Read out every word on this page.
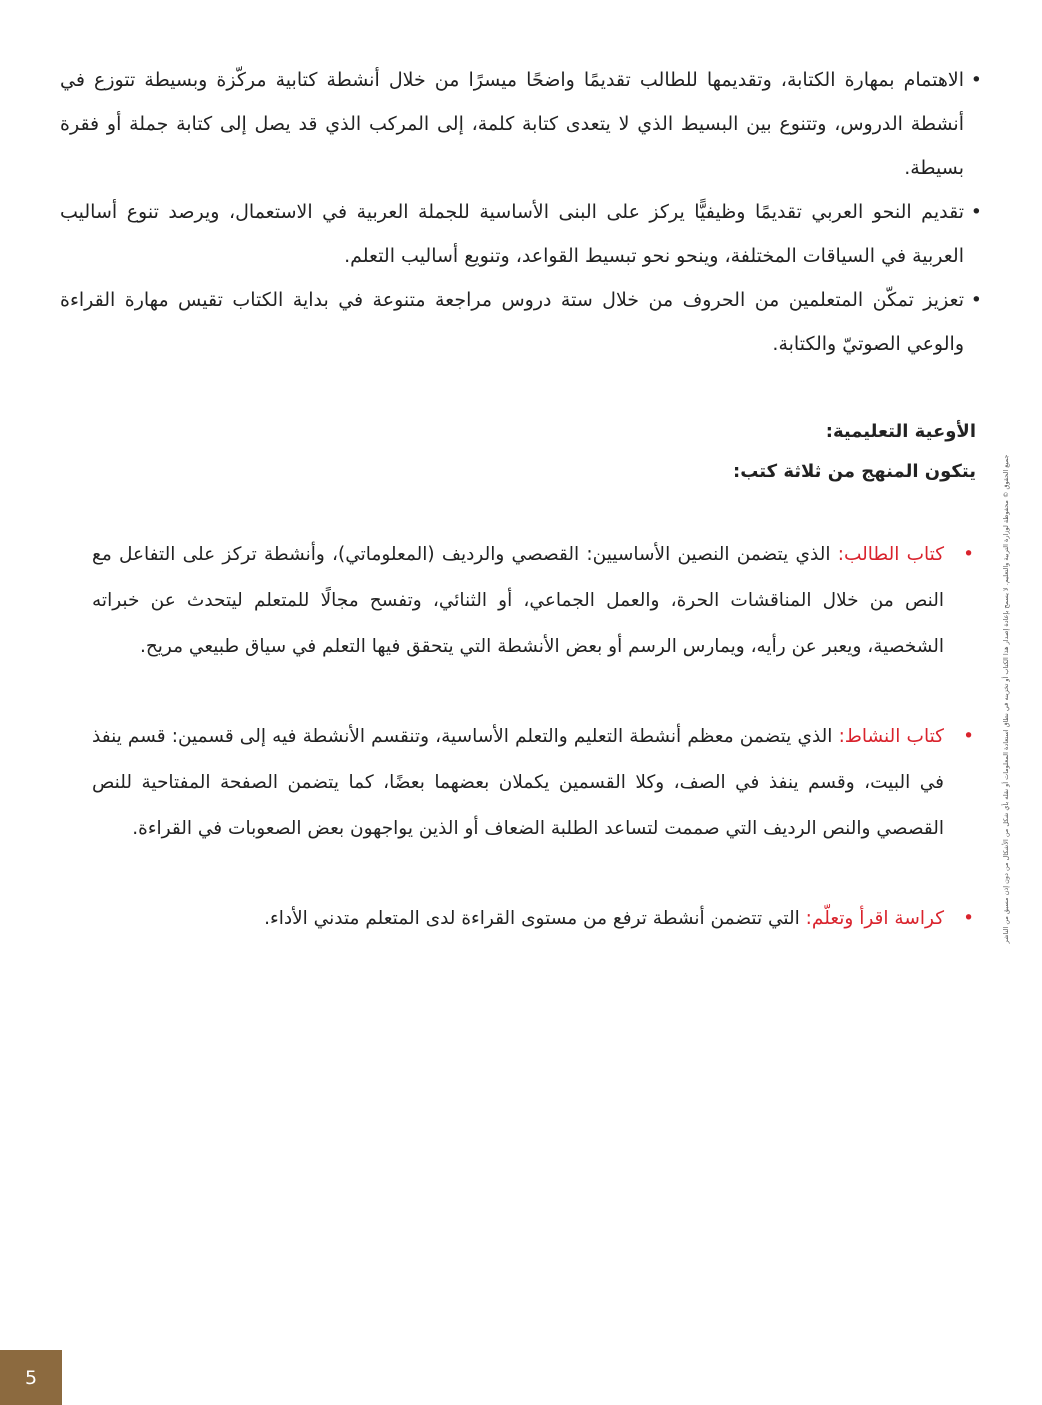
• الاهتمام بمهارة الكتابة، وتقديمها للطالب تقديمًا واضحًا ميسرًا من خلال أنشطة كتابية مركّزة وبسيطة تتوزع في أنشطة الدروس، وتتنوع بين البسيط الذي لا يتعدى كتابة كلمة، إلى المركب الذي قد يصل إلى كتابة جملة أو فقرة بسيطة.
• تقديم النحو العربي تقديمًا وظيفيًّا يركز على البنى الأساسية للجملة العربية في الاستعمال، ويرصد تنوع أساليب العربية في السياقات المختلفة، وينحو نحو تبسيط القواعد، وتنويع أساليب التعلم.
• تعزيز تمكّن المتعلمين من الحروف من خلال ستة دروس مراجعة متنوعة في بداية الكتاب تقيس مهارة القراءة والوعي الصوتيّ والكتابة.

الأوعية التعليمية:

يتكون المنهج من ثلاثة كتب:

• كتاب الطالب: الذي يتضمن النصين الأساسيين: القصصي والرديف (المعلوماتي)، وأنشطة تركز على التفاعل مع النص من خلال المناقشات الحرة، والعمل الجماعي، أو الثنائي، وتفسح مجالًا للمتعلم ليتحدث عن خبراته الشخصية، ويعبر عن رأيه، ويمارس الرسم أو بعض الأنشطة التي يتحقق فيها التعلم في سياق طبيعي مريح.
• كتاب النشاط: الذي يتضمن معظم أنشطة التعليم والتعلم الأساسية، وتنقسم الأنشطة فيه إلى قسمين: قسم ينفذ في البيت، وقسم ينفذ في الصف، وكلا القسمين يكملان بعضهما بعضًا، كما يتضمن الصفحة المفتاحية للنص القصصي والنص الرديف التي صممت لتساعد الطلبة الضعاف أو الذين يواجهون بعض الصعوبات في القراءة.
• كراسة اقرأ وتعلّم: التي تتضمن أنشطة ترفع من مستوى القراءة لدى المتعلم متدني الأداء.	جميع الحقوق © محفوظة لوزارة التربية والتعليم. لا يسمح بإعادة إصدار هذا الكتاب أو تخزينه في نطاق استعادة المعلومات أو نقله بأي شكل من الأشكال من دون إذن مسبق من الناشر
5
